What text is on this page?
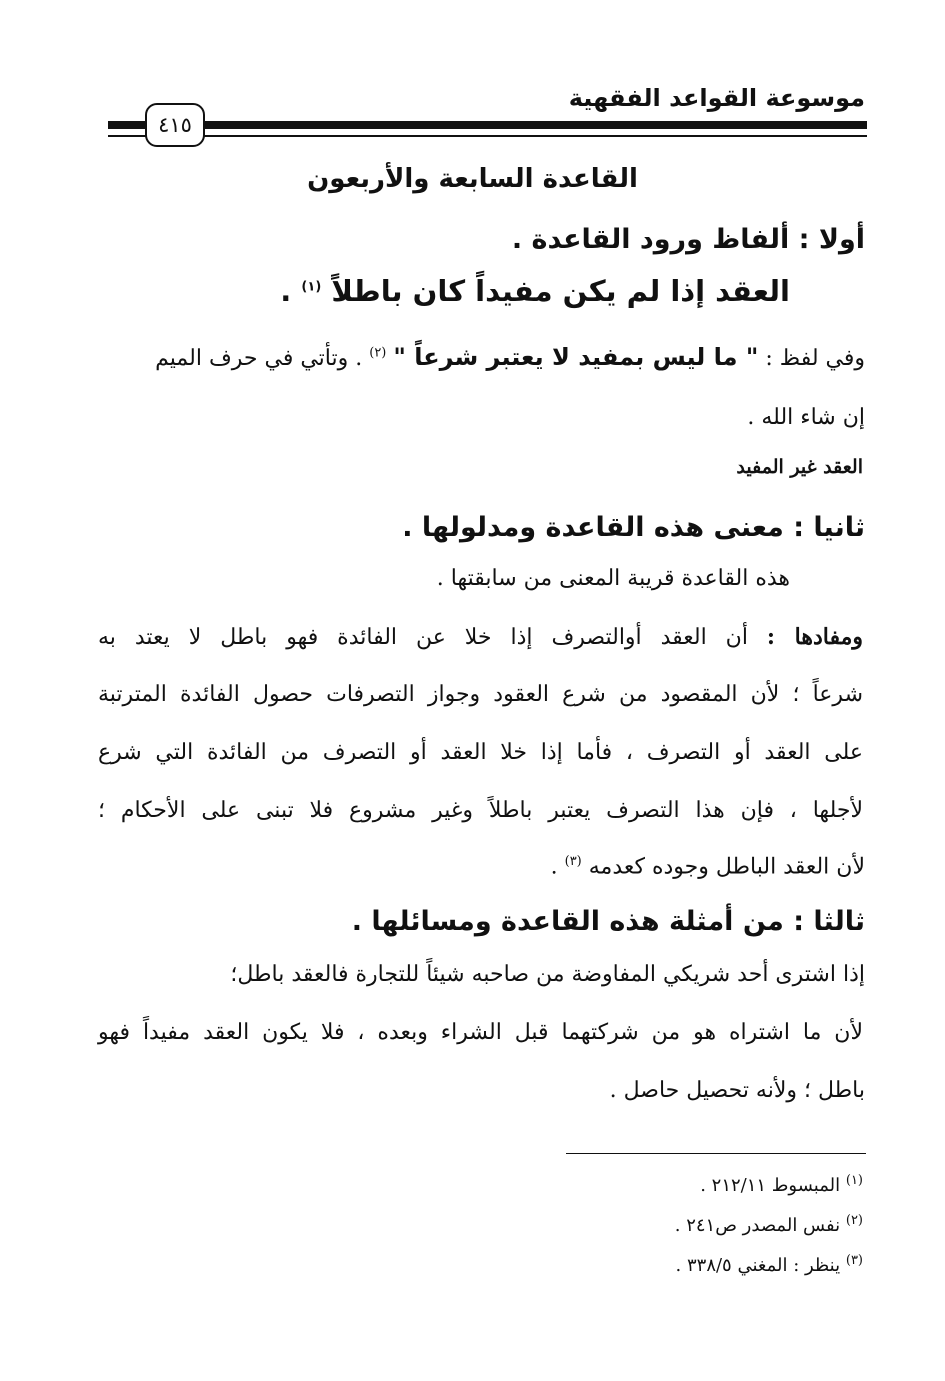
موسوعة القواعد الفقهية
٤١٥
القاعدة السابعة والأربعون
أولا : ألفاظ ورود القاعدة .
العقد إذا لم يكن مفيداً كان باطلاً $^{(١)}$ .
وفي لفظ : " ما ليس بمفيد لا يعتبر شرعاً " $^{(٢)}$ . وتأتي في حرف الميم
إن شاء الله .
العقد غير المفيد
ثانيا : معنى هذه القاعدة ومدلولها .
هذه القاعدة قريبة المعنى من سابقتها .
ومفادها : أن العقد أوالتصرف إذا خلا عن الفائدة فهو باطل لا يعتد به
شرعاً ؛ لأن المقصود من شرع العقود وجواز التصرفات حصول الفائدة المترتبة
على العقد أو التصرف ، فأما إذا خلا العقد أو التصرف من الفائدة التي شرع
لأجلها ، فإن هذا التصرف يعتبر باطلاً وغير مشروع فلا تبنى على الأحكام ؛
لأن العقد الباطل وجوده كعدمه $^{(٣)}$ .
ثالثا : من أمثلة هذه القاعدة ومسائلها .
إذا اشترى أحد شريكي المفاوضة من صاحبه شيئاً للتجارة فالعقد باطل؛
لأن ما اشتراه هو من شركتهما قبل الشراء وبعده ، فلا يكون العقد مفيداً فهو
باطل ؛ ولأنه تحصيل حاصل .
$^{(١)}$ المبسوط ٢١٢/١١ .
$^{(٢)}$ نفس المصدر ص٢٤١ .
$^{(٣)}$ ينظر : المغني ٣٣٨/٥ .
